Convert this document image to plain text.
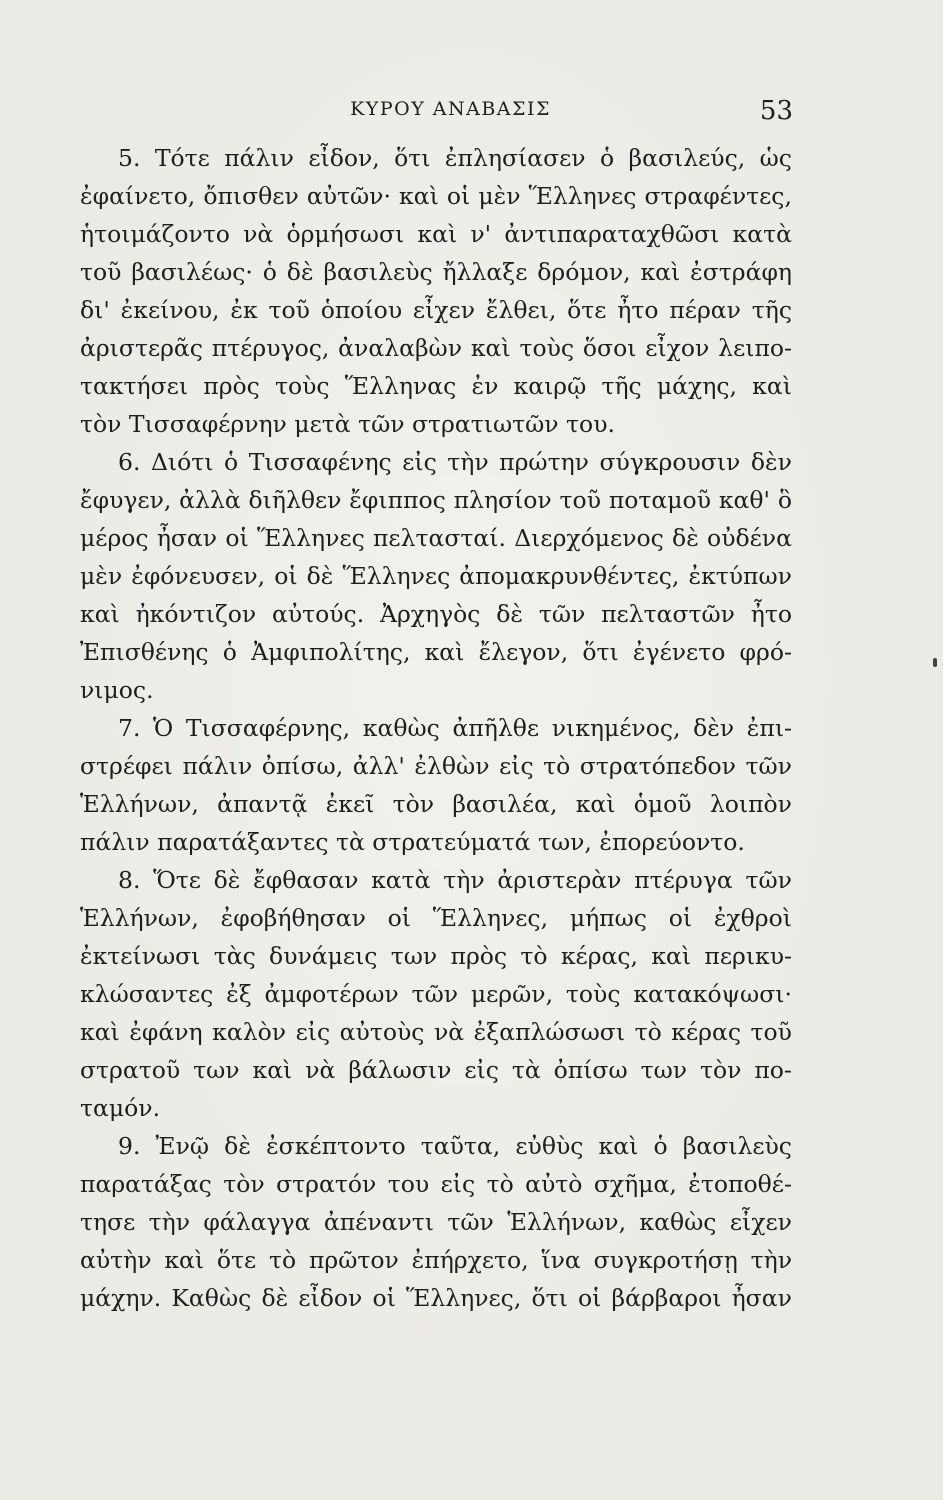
ΚΥΡΟΥ ΑΝΑΒΑΣΙΣ	53
5. Τότε πάλιν εἶδον, ὅτι ἐπλησίασεν ὁ βασιλεύς, ὡς
ἐφαίνετο, ὄπισθεν αὐτῶν· καὶ οἱ μὲν Ἕλληνες στραφέντες,
ἡτοιμάζοντο νὰ ὁρμήσωσι καὶ ν' ἀντιπαραταχθῶσι κατὰ
τοῦ βασιλέως· ὁ δὲ βασιλεὺς ἤλλαξε δρόμον, καὶ ἐστράφη
δι' ἐκείνου, ἐκ τοῦ ὁποίου εἶχεν ἔλθει, ὅτε ἦτο πέραν τῆς
ἀριστερᾶς πτέρυγος, ἀναλαβὼν καὶ τοὺς ὅσοι εἶχον λειπο-
τακτήσει πρὸς τοὺς Ἕλληνας ἐν καιρῷ τῆς μάχης, καὶ
τὸν Τισσαφέρνην μετὰ τῶν στρατιωτῶν του.
6. Διότι ὁ Τισσαφένης εἰς τὴν πρώτην σύγκρουσιν δὲν
ἔφυγεν, ἀλλὰ διῆλθεν ἔφιππος πλησίον τοῦ ποταμοῦ καθ' ὃ
μέρος ἦσαν οἱ Ἕλληνες πελτασταί. Διερχόμενος δὲ οὐδένα
μὲν ἐφόνευσεν, οἱ δὲ Ἕλληνες ἀπομακρυνθέντες, ἐκτύπων
καὶ ἠκόντιζον αὐτούς. Ἀρχηγὸς δὲ τῶν πελταστῶν ἦτο
Ἐπισθένης ὁ Ἀμφιπολίτης, καὶ ἔλεγον, ὅτι ἐγένετο φρό-
νιμος.
7. Ὁ Τισσαφέρνης, καθὼς ἀπῆλθε νικημένος, δὲν ἐπι-
στρέφει πάλιν ὀπίσω, ἀλλ' ἐλθὼν εἰς τὸ στρατόπεδον τῶν
Ἑλλήνων, ἀπαντᾷ ἐκεῖ τὸν βασιλέα, καὶ ὁμοῦ λοιπὸν
πάλιν παρατάξαντες τὰ στρατεύματά των, ἐπορεύοντο.
8. Ὅτε δὲ ἔφθασαν κατὰ τὴν ἀριστερὰν πτέρυγα τῶν
Ἑλλήνων, ἐφοβήθησαν οἱ Ἕλληνες, μήπως οἱ ἐχθροὶ
ἐκτείνωσι τὰς δυνάμεις των πρὸς τὸ κέρας, καὶ περικυ-
κλώσαντες ἐξ ἀμφοτέρων τῶν μερῶν, τοὺς κατακόψωσι·
καὶ ἐφάνη καλὸν εἰς αὐτοὺς νὰ ἐξαπλώσωσι τὸ κέρας τοῦ
στρατοῦ των καὶ νὰ βάλωσιν εἰς τὰ ὀπίσω των τὸν πο-
ταμόν.
9. Ἐνῷ δὲ ἐσκέπτοντο ταῦτα, εὐθὺς καὶ ὁ βασιλεὺς
παρατάξας τὸν στρατόν του εἰς τὸ αὐτὸ σχῆμα, ἐτοποθέ-
τησε τὴν φάλαγγα ἀπέναντι τῶν Ἑλλήνων, καθὼς εἶχεν
αὐτὴν καὶ ὅτε τὸ πρῶτον ἐπήρχετο, ἵνα συγκροτήσῃ τὴν
μάχην. Καθὼς δὲ εἶδον οἱ Ἕλληνες, ὅτι οἱ βάρβαροι ἦσαν
